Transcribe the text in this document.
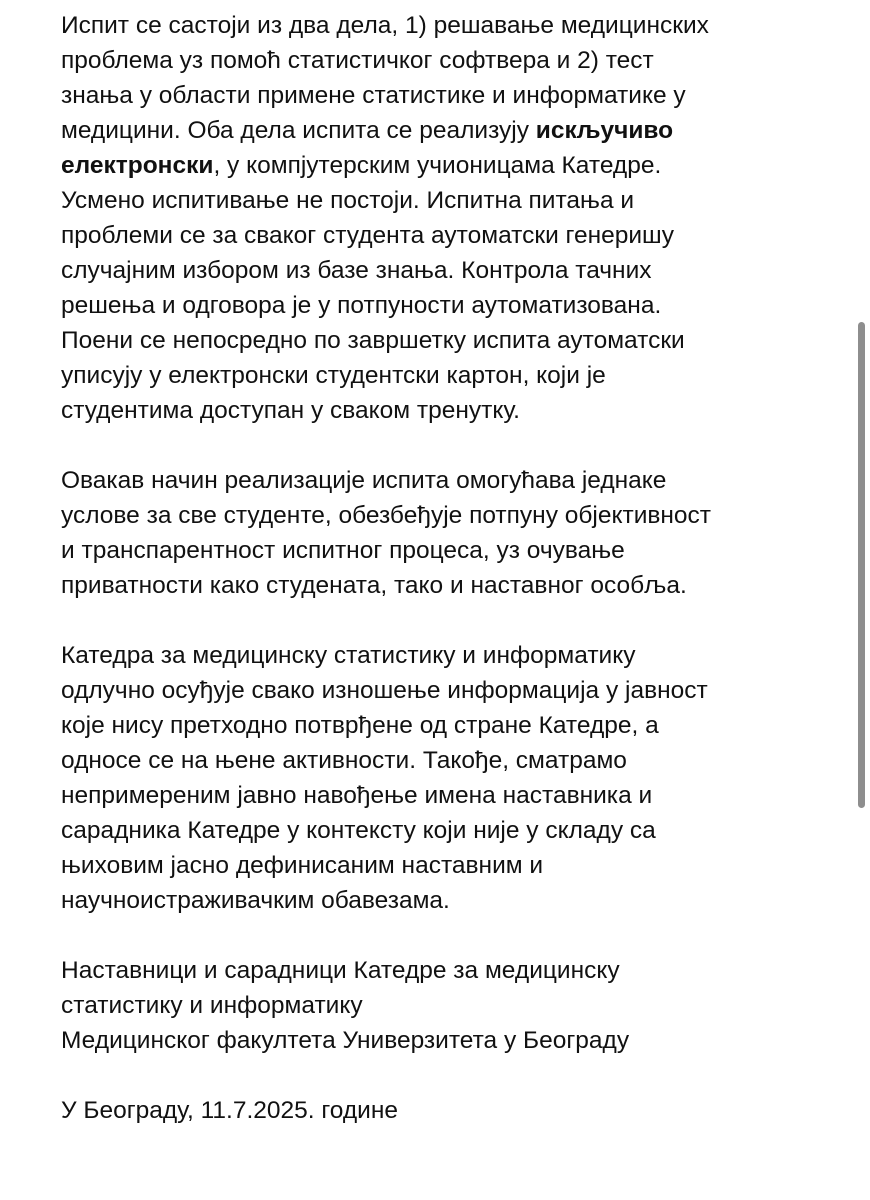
Испит се састоји из два дела, 1) решавање медицинских
проблема уз помоћ статистичког софтвера и 2) тест
знања у области примене статистике и информатике у
медицини. Оба дела испита се реализују искључиво
електронски, у компјутерским учионицама Катедре.
Усмено испитивање не постоји. Испитна питања и
проблеми се за сваког студента аутоматски генеришу
случајним избором из базе знања. Контрола тачних
решења и одговора је у потпуности аутоматизована.
Поени се непосредно по завршетку испита аутоматски
уписују у електронски студентски картон, који је
студентима доступан у сваком тренутку.

Овакав начин реализације испита омогућава једнаке
услове за све студенте, обезбеђује потпуну објективност
и транспарентност испитног процеса, уз очување
приватности како студената, тако и наставног особља.

Катедра за медицинску статистику и информатику
одлучно осуђује свако изношење информација у јавност
које нису претходно потврђене од стране Катедре, а
односе се на њене активности. Такође, сматрамо
непримереним јавно навођење имена наставника и
сарадника Катедре у контексту који није у складу са
њиховим јасно дефинисаним наставним и
научноистраживачким обавезама.

Наставници и сарадници Катедре за медицинску
статистику и информатику
Медицинског факултета Универзитета у Београду

У Београду, 11.7.2025. године
